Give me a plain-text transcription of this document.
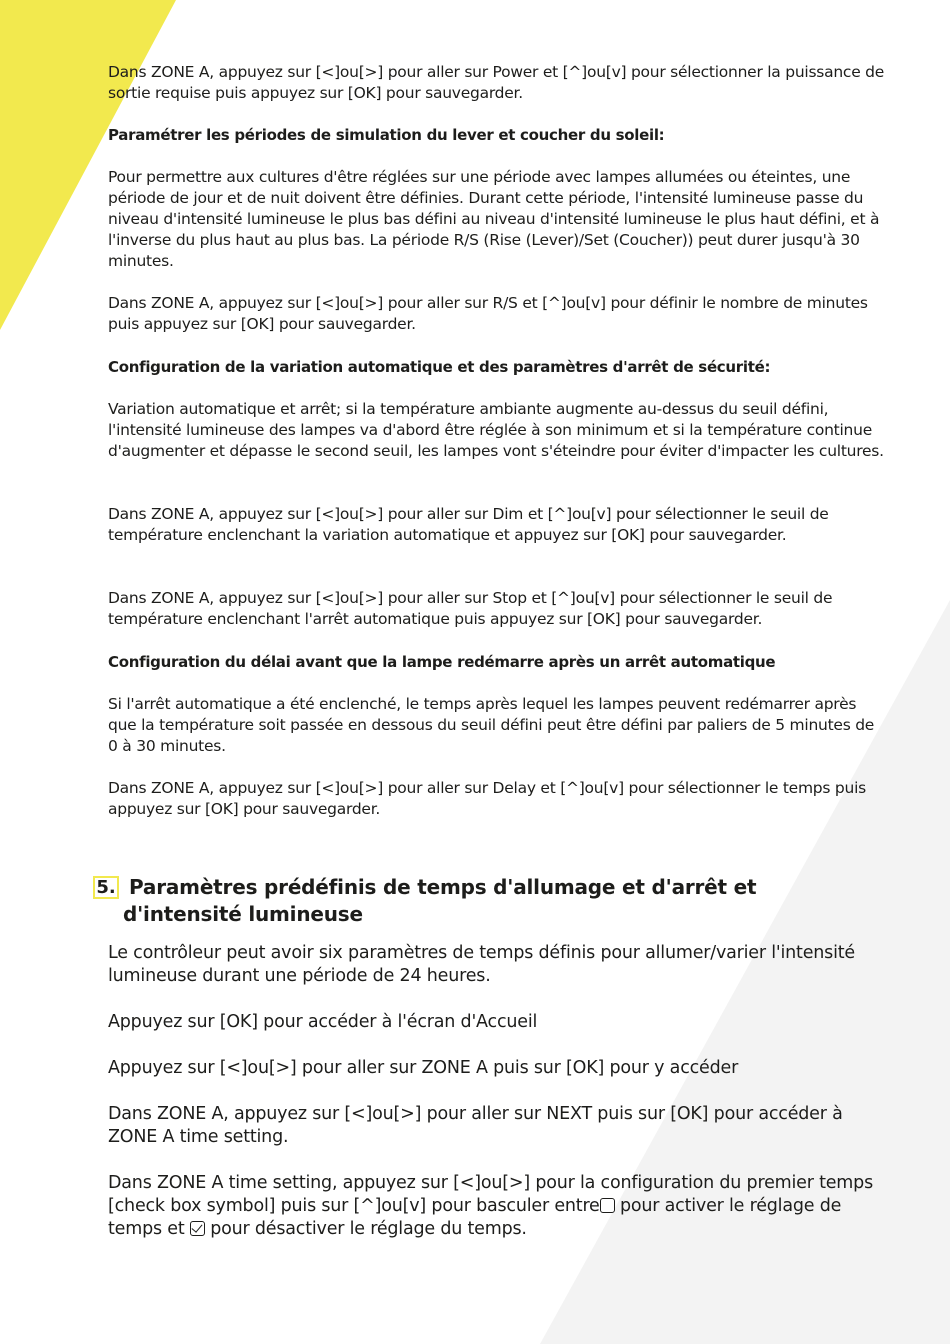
Dans ZONE A, appuyez sur [<]ou[>] pour aller sur Power et [^]ou[v] pour sélectionner la puissance de sortie requise puis appuyez sur [OK] pour sauvegarder.

Paramétrer les périodes de simulation du lever et coucher du soleil:

Pour permettre aux cultures d'être réglées sur une période avec lampes allumées ou éteintes, une période de jour et de nuit doivent être définies. Durant cette période, l'intensité lumineuse passe du niveau d'intensité lumineuse le plus bas défini au niveau d'intensité lumineuse le plus haut défini, et à l'inverse du plus haut au plus bas. La période R/S (Rise (Lever)/Set (Coucher)) peut durer jusqu'à 30 minutes.

Dans ZONE A, appuyez sur [<]ou[>] pour aller sur R/S et [^]ou[v] pour définir le nombre de minutes puis appuyez sur [OK] pour sauvegarder.

Configuration de la variation automatique et des paramètres d'arrêt de sécurité:

Variation automatique et arrêt; si la température ambiante augmente au-dessus du seuil défini, l'intensité lumineuse des lampes va d'abord être réglée à son minimum et si la température continue d'augmenter et dépasse le second seuil, les lampes vont s'éteindre pour éviter d'impacter les cultures.

Dans ZONE A, appuyez sur [<]ou[>] pour aller sur Dim et [^]ou[v] pour sélectionner le seuil de température enclenchant la variation automatique et appuyez sur [OK] pour sauvegarder.

Dans ZONE A, appuyez sur [<]ou[>] pour aller sur Stop et [^]ou[v] pour sélectionner le seuil de température enclenchant l'arrêt automatique puis appuyez sur [OK] pour sauvegarder.

Configuration du délai avant que la lampe redémarre après un arrêt automatique

Si l'arrêt automatique a été enclenché, le temps après lequel les lampes peuvent redémarrer après que la température soit passée en dessous du seuil défini peut être défini par paliers de 5 minutes de 0 à 30 minutes.

Dans ZONE A, appuyez sur [<]ou[>] pour aller sur Delay et [^]ou[v] pour sélectionner le temps puis appuyez sur [OK] pour sauvegarder.

5. Paramètres prédéfinis de temps d'allumage et d'arrêt et
d'intensité lumineuse

Le contrôleur peut avoir six paramètres de temps définis pour allumer/varier l'intensité lumineuse durant une période de 24 heures.

Appuyez sur [OK] pour accéder à l'écran d'Accueil

Appuyez sur [<]ou[>] pour aller sur ZONE A puis sur [OK] pour y accéder

Dans ZONE A, appuyez sur [<]ou[>] pour aller sur NEXT puis sur [OK] pour accéder à ZONE A time setting.

Dans ZONE A time setting, appuyez sur [<]ou[>] pour la configuration du premier temps [check box symbol] puis sur [^]ou[v] pour basculer entre pour activer le réglage de temps et  pour désactiver le réglage du temps.
